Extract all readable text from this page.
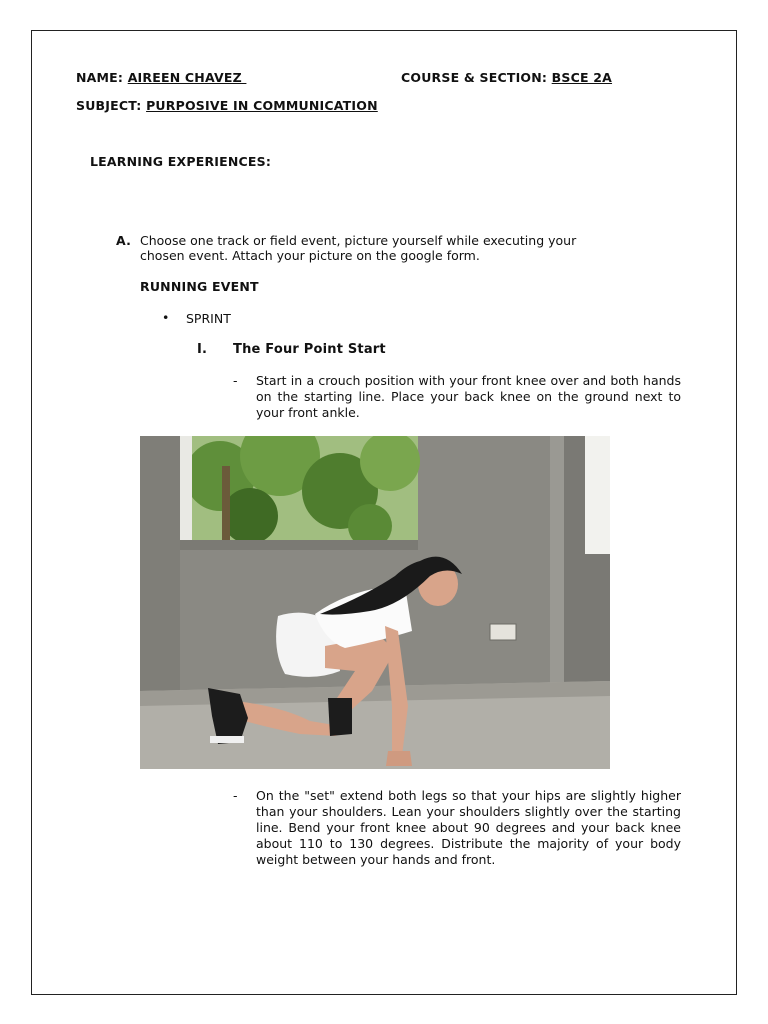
NAME: AIREEN CHAVEZ	COURSE & SECTION: BSCE 2A
SUBJECT: PURPOSIVE IN COMMUNICATION
LEARNING EXPERIENCES:
A. Choose one track or field event, picture yourself while executing your
chosen event. Attach your picture on the google form.
RUNNING EVENT
• SPRINT
I. The Four Point Start
- Start in a crouch position with your front knee over and both hands on the starting line. Place your back knee on the ground next to your front ankle.
- On the "set" extend both legs so that your hips are slightly higher than your shoulders. Lean your shoulders slightly over the starting line. Bend your front knee about 90 degrees and your back knee about 110 to 130 degrees. Distribute the majority of your body weight between your hands and front.
